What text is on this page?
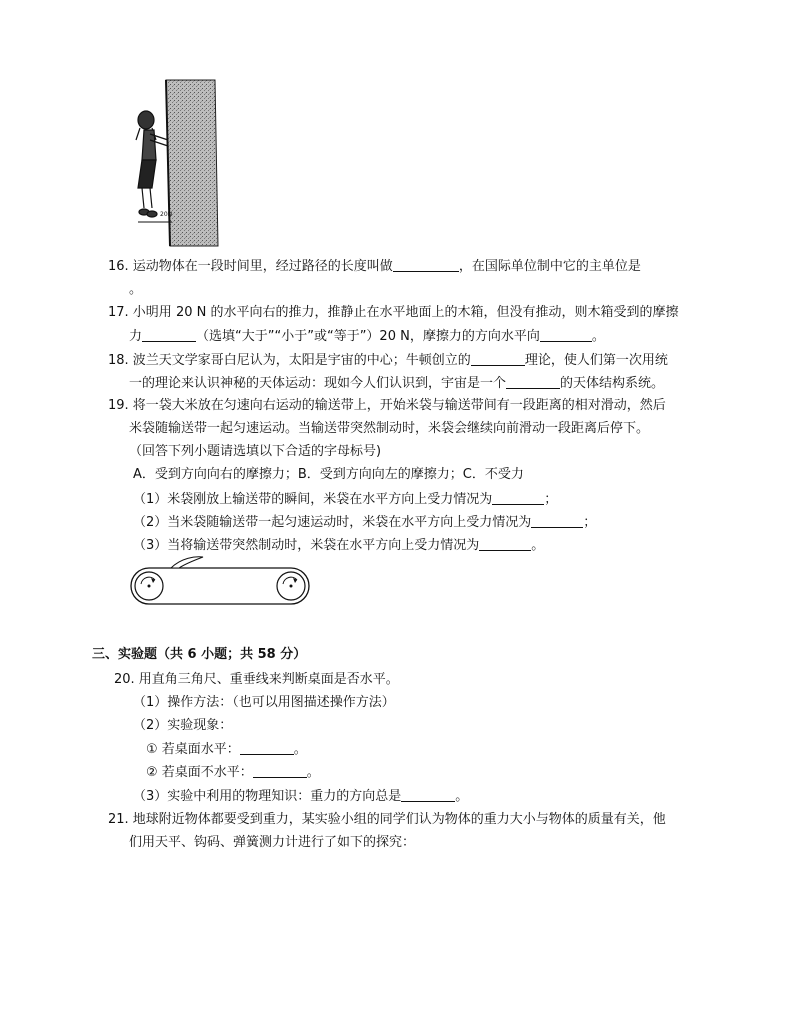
20N
16. 运动物体在一段时间里，经过路径的长度叫做	，在国际单位制中它的主单位是
。
17. 小明用 20 N 的水平向右的推力，推静止在水平地面上的木箱，但没有推动，则木箱受到的摩擦
力	（选填“大于”“小于”或“等于”）20 N，摩擦力的方向水平向	。
18. 波兰天文学家哥白尼认为，太阳是宇宙的中心；牛顿创立的	理论，使人们第一次用统
一的理论来认识神秘的天体运动：现如今人们认识到，宇宙是一个	的天体结构系统。
19. 将一袋大米放在匀速向右运动的输送带上，开始米袋与输送带间有一段距离的相对滑动，然后
米袋随输送带一起匀速运动。当输送带突然制动时，米袋会继续向前滑动一段距离后停下。
（回答下列小题请选填以下合适的字母标号)
A．受到方向向右的摩擦力；B．受到方向向左的摩擦力；C．不受力
（1）米袋刚放上输送带的瞬间，米袋在水平方向上受力情况为	；
（2）当米袋随输送带一起匀速运动时，米袋在水平方向上受力情况为	；
（3）当将输送带突然制动时，米袋在水平方向上受力情况为	。
三、实验题（共 6 小题；共 58 分）
20. 用直角三角尺、重垂线来判断桌面是否水平。
（1）操作方法：（也可以用图描述操作方法）
（2）实验现象：
① 若桌面水平：	。
② 若桌面不水平：	。
（3）实验中利用的物理知识：重力的方向总是	。
21. 地球附近物体都要受到重力，某实验小组的同学们认为物体的重力大小与物体的质量有关，他
们用天平、钩码、弹簧测力计进行了如下的探究：
